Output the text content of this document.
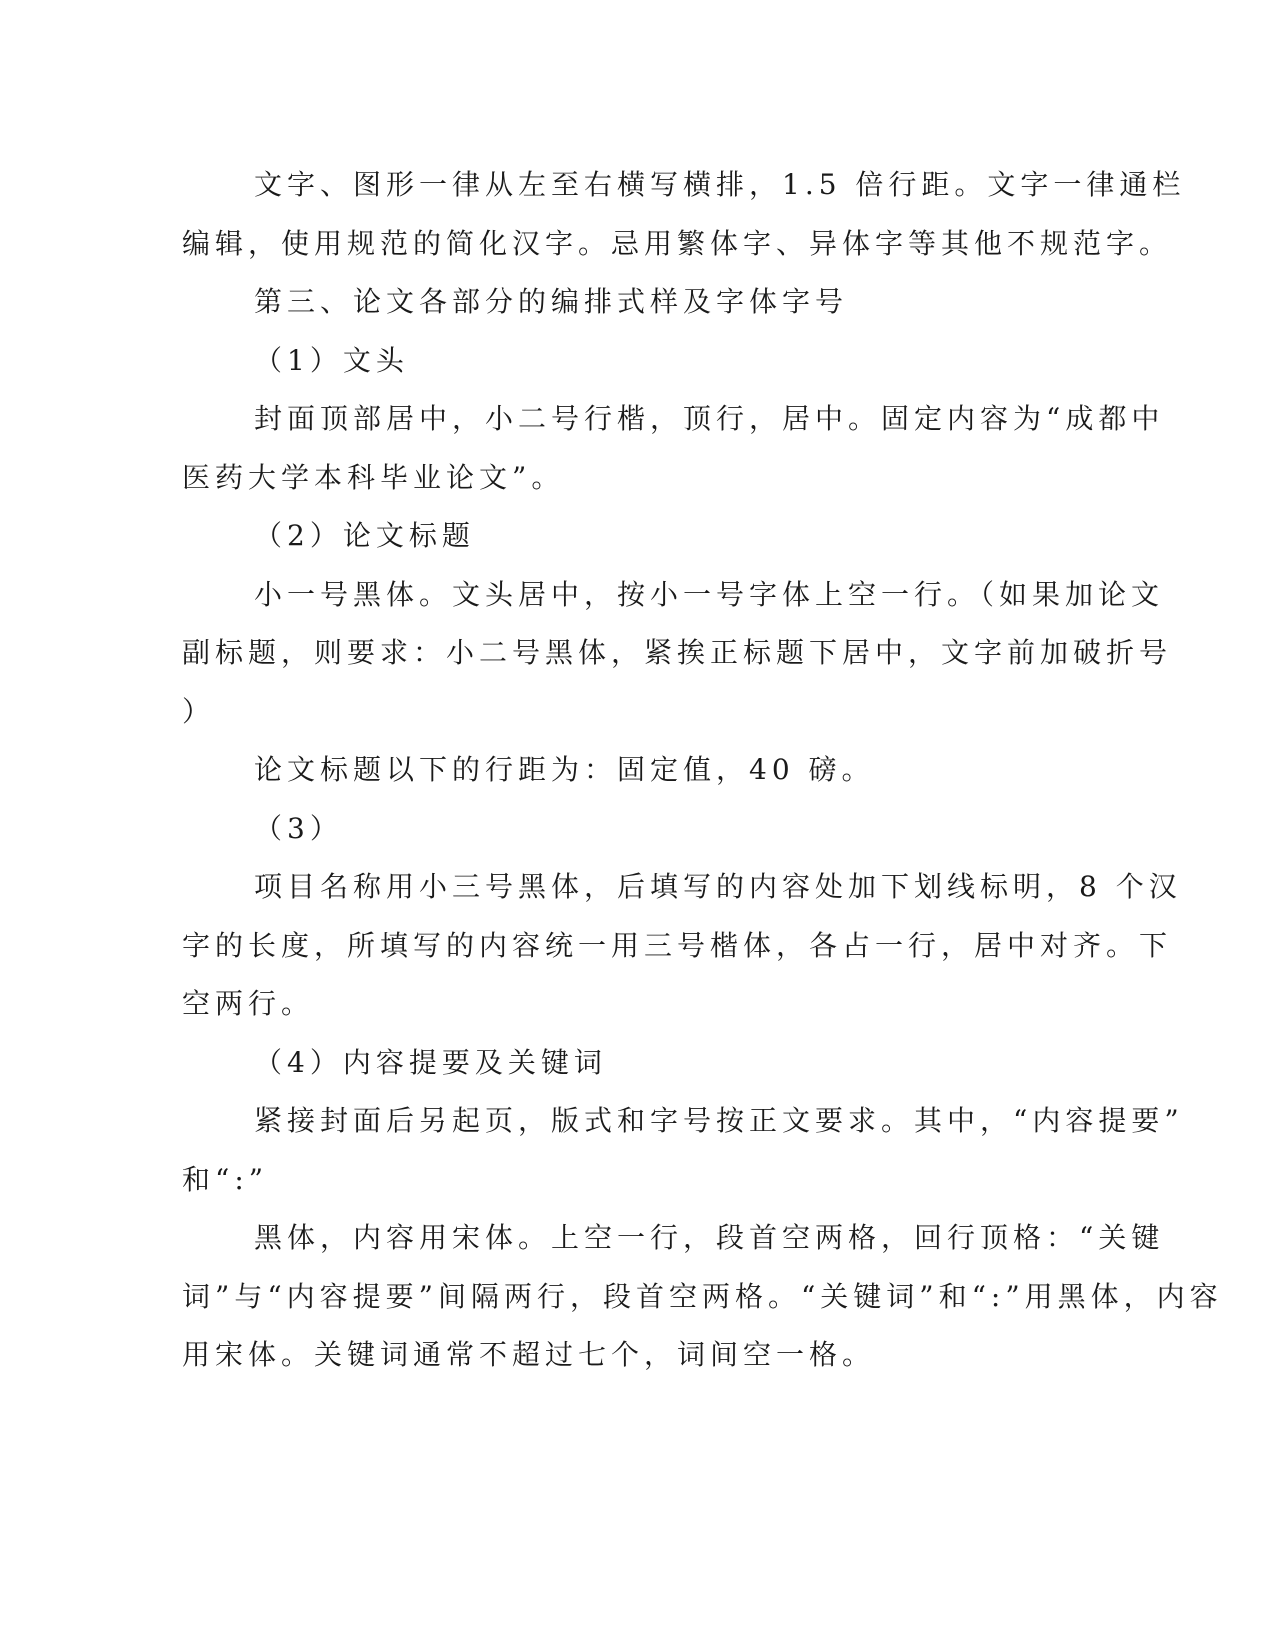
文字、图形一律从左至右横写横排，1.5 倍行距。文字一律通栏
编辑，使用规范的简化汉字。忌用繁体字、异体字等其他不规范字。
第三、论文各部分的编排式样及字体字号
（1）文头
封面顶部居中，小二号行楷，顶行，居中。固定内容为“成都中
医药大学本科毕业论文”。
（2）论文标题
小一号黑体。文头居中，按小一号字体上空一行。（如果加论文
副标题，则要求：小二号黑体，紧挨正标题下居中，文字前加破折号
）
论文标题以下的行距为：固定值，40 磅。
（3）
项目名称用小三号黑体，后填写的内容处加下划线标明，8 个汉
字的长度，所填写的内容统一用三号楷体，各占一行，居中对齐。下
空两行。
（4）内容提要及关键词
紧接封面后另起页，版式和字号按正文要求。其中，“内容提要”
和“:”
黑体，内容用宋体。上空一行，段首空两格，回行顶格：“关键
词”与“内容提要”间隔两行，段首空两格。“关键词”和“:”用黑体，内容
用宋体。关键词通常不超过七个，词间空一格。
